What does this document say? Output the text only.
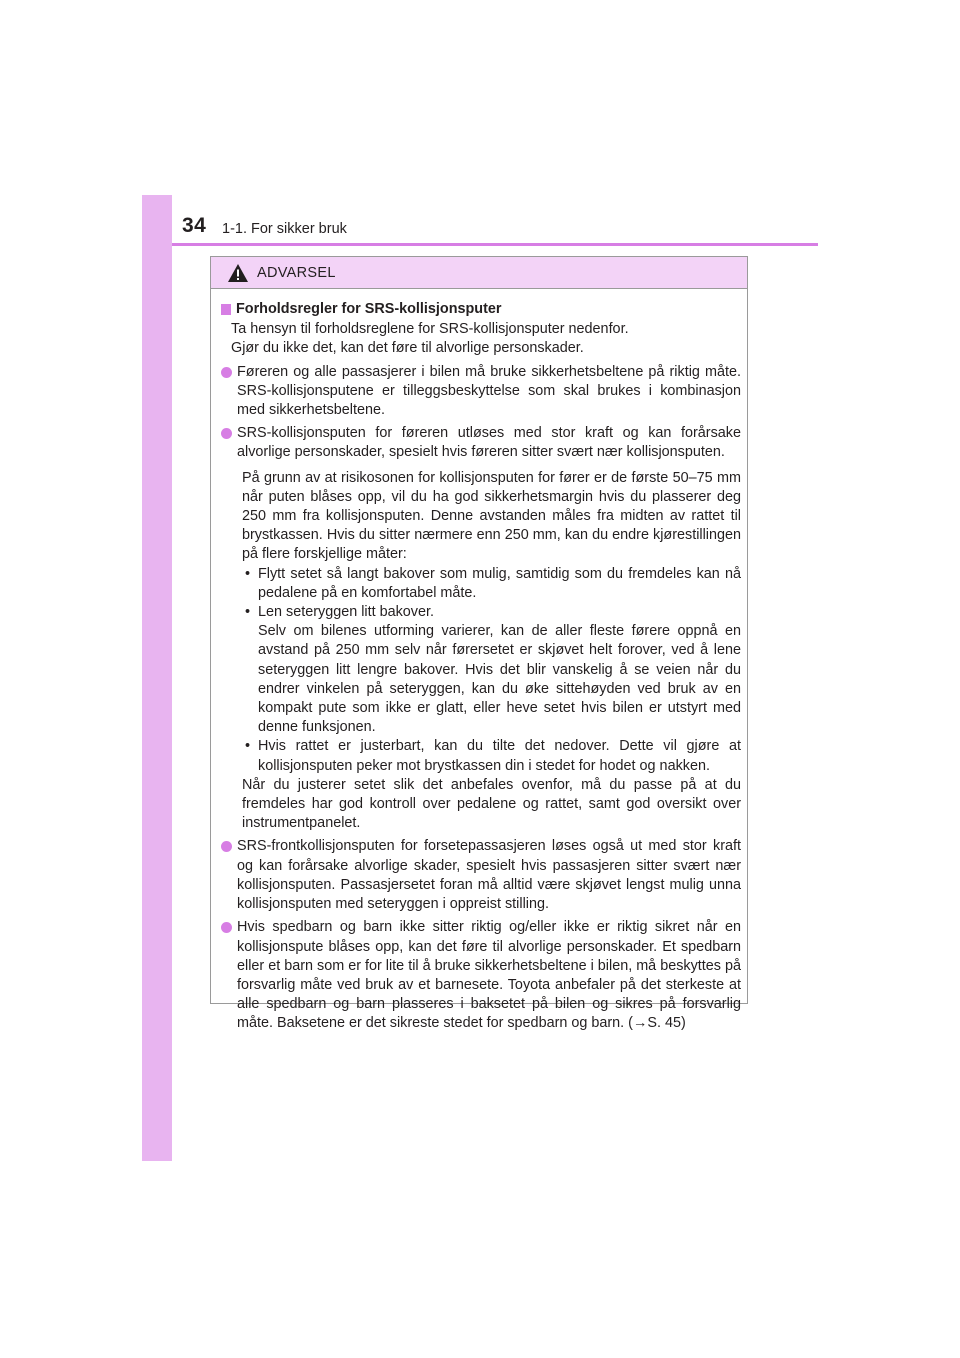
34 1-1. For sikker bruk
ADVARSEL
Forholdsregler for SRS-kollisjonsputer
Ta hensyn til forholdsreglene for SRS-kollisjonsputer nedenfor.
Gjør du ikke det, kan det føre til alvorlige personskader.
Føreren og alle passasjerer i bilen må bruke sikkerhetsbeltene på riktig måte. SRS-kollisjonsputene er tilleggsbeskyttelse som skal brukes i kombinasjon med sikkerhetsbeltene.
SRS-kollisjonsputen for føreren utløses med stor kraft og kan forårsake alvorlige personskader, spesielt hvis føreren sitter svært nær kollisjonsputen.
På grunn av at risikosonen for kollisjonsputen for fører er de første 50–75 mm når puten blåses opp, vil du ha god sikkerhetsmargin hvis du plasserer deg 250 mm fra kollisjonsputen. Denne avstanden måles fra midten av rattet til brystkassen. Hvis du sitter nærmere enn 250 mm, kan du endre kjørestillingen på flere forskjellige måter:
• Flytt setet så langt bakover som mulig, samtidig som du fremdeles kan nå pedalene på en komfortabel måte.
• Len seteryggen litt bakover.
Selv om bilenes utforming varierer, kan de aller fleste førere oppnå en avstand på 250 mm selv når førersetet er skjøvet helt forover, ved å lene seteryggen litt lengre bakover. Hvis det blir vanskelig å se veien når du endrer vinkelen på seteryggen, kan du øke sittehøyden ved bruk av en kompakt pute som ikke er glatt, eller heve setet hvis bilen er utstyrt med denne funksjonen.
• Hvis rattet er justerbart, kan du tilte det nedover. Dette vil gjøre at kollisjonsputen peker mot brystkassen din i stedet for hodet og nakken.
Når du justerer setet slik det anbefales ovenfor, må du passe på at du fremdeles har god kontroll over pedalene og rattet, samt god oversikt over instrumentpanelet.
SRS-frontkollisjonsputen for forsetepassasjeren løses også ut med stor kraft og kan forårsake alvorlige skader, spesielt hvis passasjeren sitter svært nær kollisjonsputen. Passasjersetet foran må alltid være skjøvet lengst mulig unna kollisjonsputen med seteryggen i oppreist stilling.
Hvis spedbarn og barn ikke sitter riktig og/eller ikke er riktig sikret når en kollisjonspute blåses opp, kan det føre til alvorlige personskader. Et spedbarn eller et barn som er for lite til å bruke sikkerhetsbeltene i bilen, må beskyttes på forsvarlig måte ved bruk av et barnesete. Toyota anbefaler på det sterkeste at alle spedbarn og barn plasseres i baksetet på bilen og sikres på forsvarlig måte. Baksetene er det sikreste stedet for spedbarn og barn. (→S. 45)
